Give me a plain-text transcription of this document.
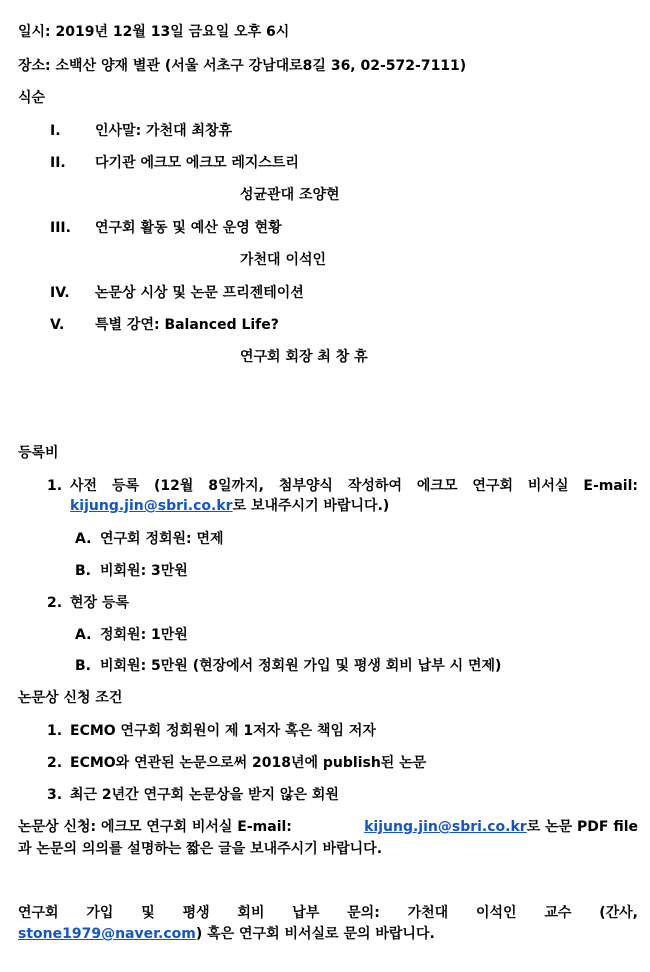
일시: 2019년 12월 13일 금요일 오후 6시
장소: 소백산 양재 별관 (서울 서초구 강남대로8길 36, 02-572-7111)
식순
I. 인사말: 가천대 최창휴
II. 다기관 에크모 에크모 레지스트리
성균관대 조양현
III. 연구회 활동 및 예산 운영 현황
가천대 이석인
IV. 논문상 시상 및 논문 프리젠테이션
V. 특별 강연: Balanced Life?
연구회 회장 최 창 휴
등록비
1. 사전 등록 (12월 8일까지, 첨부양식 작성하여 에크모 연구회 비서실 E-mail:
kijung.jin@sbri.co.kr로 보내주시기 바랍니다.)
A. 연구회 정회원: 면제
B. 비회원: 3만원
2. 현장 등록
A. 정회원: 1만원
B. 비회원: 5만원 (현장에서 정회원 가입 및 평생 회비 납부 시 면제)
논문상 신청 조건
1. ECMO 연구회 정회원이 제 1저자 혹은 책임 저자
2. ECMO와 연관된 논문으로써 2018년에 publish된 논문
3. 최근 2년간 연구회 논문상을 받지 않은 회원
논문상 신청: 에크모 연구회 비서실 E-mail:	kijung.jin@sbri.co.kr로 논문 PDF file
과 논문의 의의를 설명하는 짧은 글을 보내주시기 바랍니다.
연구회 가입 및 평생 회비 납부 문의: 가천대 이석인 교수 (간사,
stone1979@naver.com) 혹은 연구회 비서실로 문의 바랍니다.
